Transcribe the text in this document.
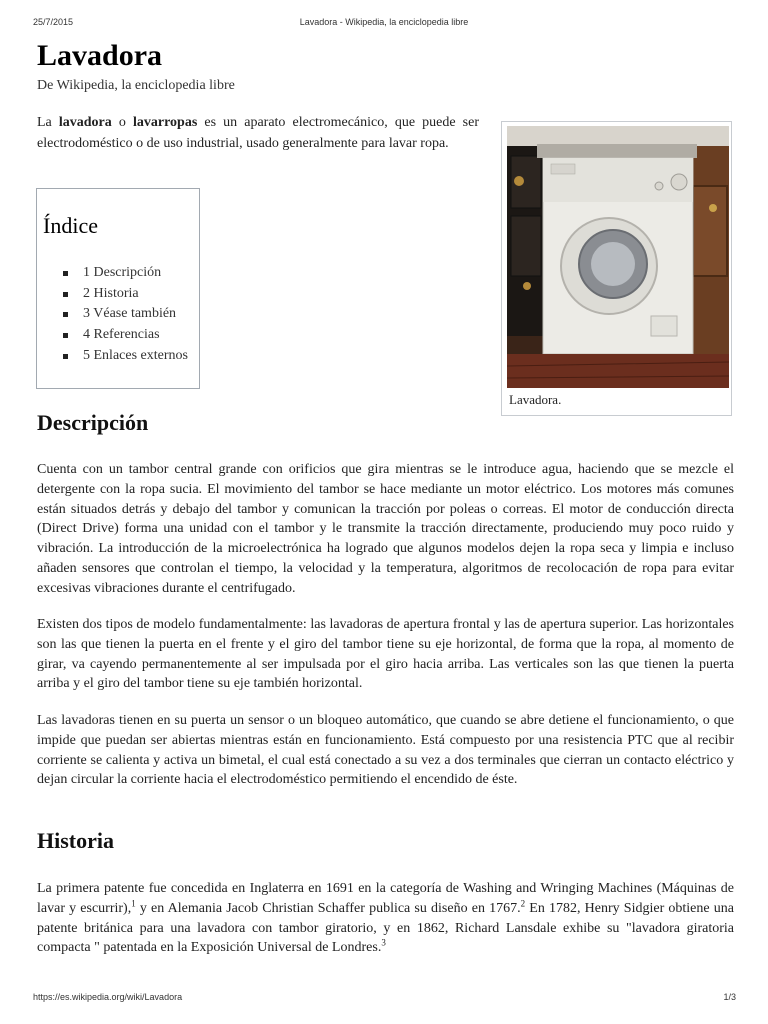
25/7/2015	Lavadora - Wikipedia, la enciclopedia libre
Lavadora
De Wikipedia, la enciclopedia libre
La lavadora o lavarropas es un aparato electromecánico, que puede ser electrodoméstico o de uso industrial, usado generalmente para lavar ropa.
Índice
1 Descripción
2 Historia
3 Véase también
4 Referencias
5 Enlaces externos
Lavadora.
Descripción
Cuenta con un tambor central grande con orificios que gira mientras se le introduce agua, haciendo que se mezcle el detergente con la ropa sucia. El movimiento del tambor se hace mediante un motor eléctrico. Los motores más comunes están situados detrás y debajo del tambor y comunican la tracción por poleas o correas. El motor de conducción directa (Direct Drive) forma una unidad con el tambor y le transmite la tracción directamente, produciendo muy poco ruido y vibración. La introducción de la microelectrónica ha logrado que algunos modelos dejen la ropa seca y limpia e incluso añaden sensores que controlan el tiempo, la velocidad y la temperatura, algoritmos de recolocación de ropa para evitar excesivas vibraciones durante el centrifugado.
Existen dos tipos de modelo fundamentalmente: las lavadoras de apertura frontal y las de apertura superior. Las horizontales son las que tienen la puerta en el frente y el giro del tambor tiene su eje horizontal, de forma que la ropa, al momento de girar, va cayendo permanentemente al ser impulsada por el giro hacia arriba. Las verticales son las que tienen la puerta arriba y el giro del tambor tiene su eje también horizontal.
Las lavadoras tienen en su puerta un sensor o un bloqueo automático, que cuando se abre detiene el funcionamiento, o que impide que puedan ser abiertas mientras están en funcionamiento. Está compuesto por una resistencia PTC que al recibir corriente se calienta y activa un bimetal, el cual está conectado a su vez a dos terminales que cierran un contacto eléctrico y dejan circular la corriente hacia el electrodoméstico permitiendo el encendido de éste.
Historia
La primera patente fue concedida en Inglaterra en 1691 en la categoría de Washing and Wringing Machines (Máquinas de lavar y escurrir),$^1$ y en Alemania Jacob Christian Schaffer publica su diseño en 1767.$^2$ En 1782, Henry Sidgier obtiene una patente británica para una lavadora con tambor giratorio, y en 1862, Richard Lansdale exhibe su "lavadora giratoria compacta " patentada en la Exposición Universal de Londres.$^3$
https://es.wikipedia.org/wiki/Lavadora	1/3
